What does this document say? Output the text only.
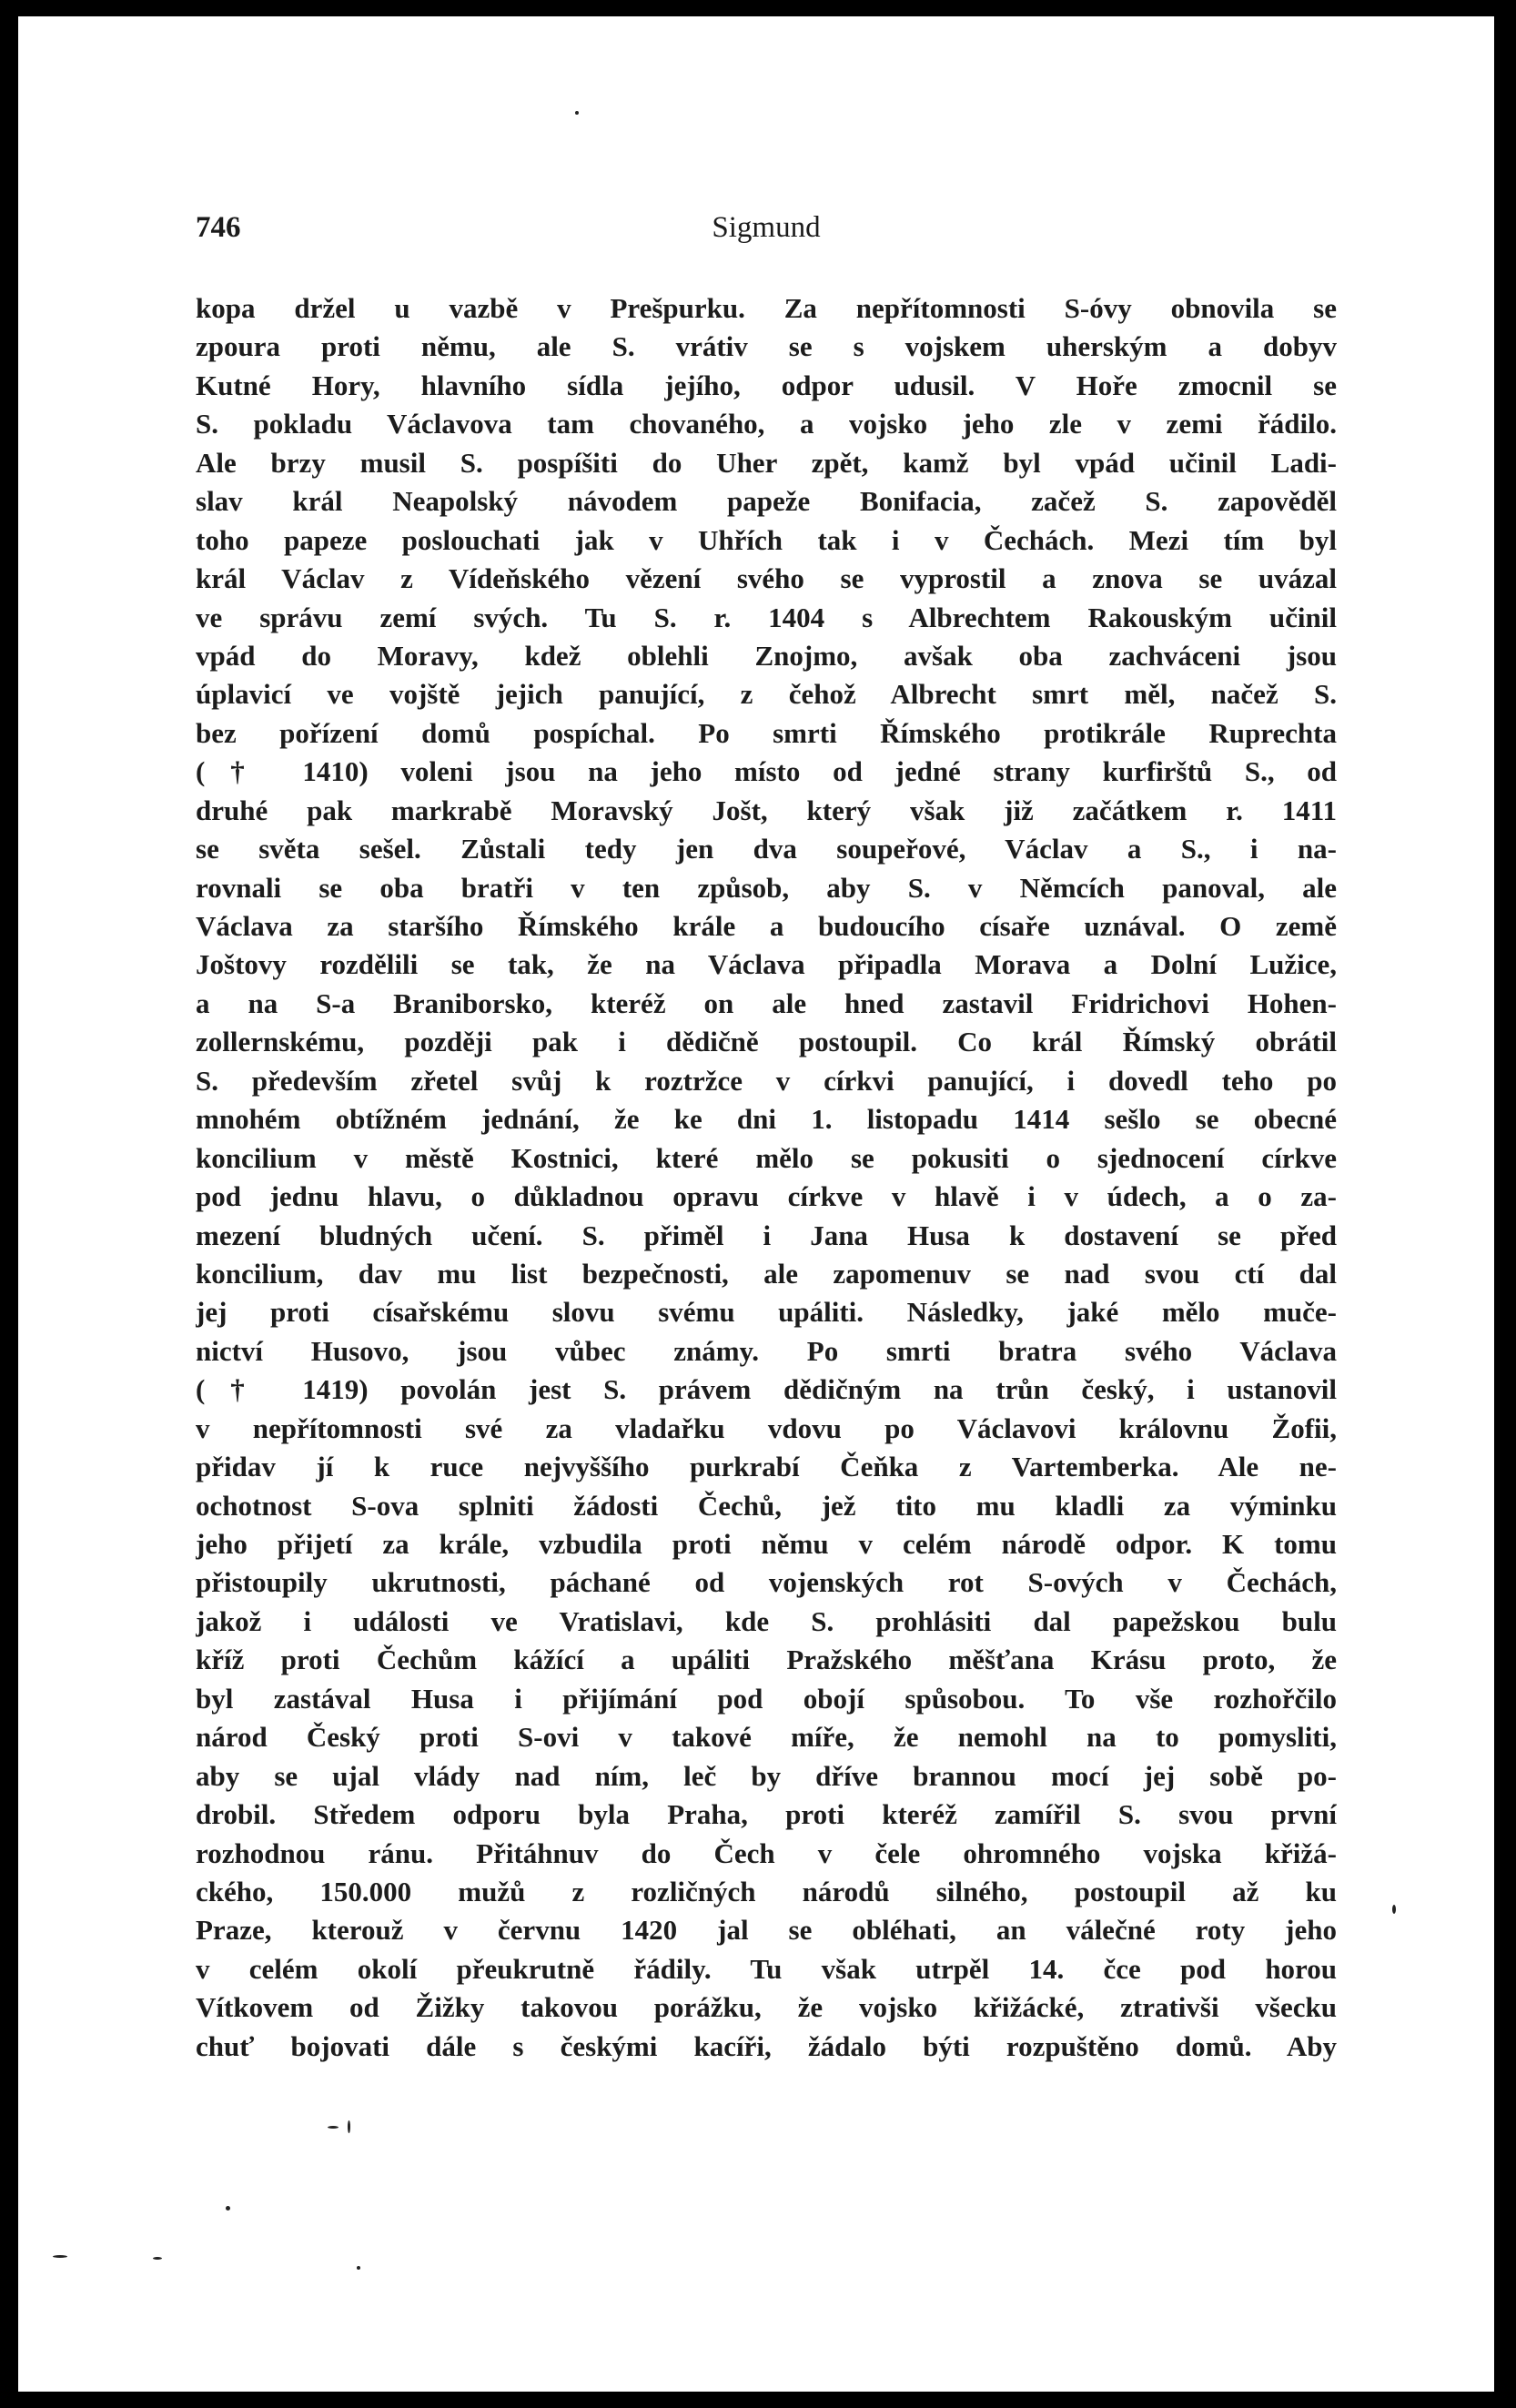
746	Sigmund
kopa držel u vazbě v Prešpurku. Za nepřítomnosti S-óvy obnovila se
zpoura proti němu, ale S. vrátiv se s vojskem uherským a dobyv
Kutné Hory, hlavního sídla jejího, odpor udusil. V Hoře zmocnil se
S. pokladu Václavova tam chovaného, a vojsko jeho zle v zemi řádilo.
Ale brzy musil S. pospíšiti do Uher zpět, kamž byl vpád učinil Ladi-
slav král Neapolský návodem papeže Bonifacia, začež S. zapověděl
toho papeze poslouchati jak v Uhřích tak i v Čechách. Mezi tím byl
král Václav z Vídeňského vězení svého se vyprostil a znova se uvázal
ve správu zemí svých. Tu S. r. 1404 s Albrechtem Rakouským učinil
vpád do Moravy, kdež oblehli Znojmo, avšak oba zachváceni jsou
úplavicí ve vojště jejich panující, z čehož Albrecht smrt měl, načež S.
bez pořízení domů pospíchal. Po smrti Římského protikrále Ruprechta
(† 1410) voleni jsou na jeho místo od jedné strany kurfirštů S., od
druhé pak markrabě Moravský Jošt, který však již začátkem r. 1411
se světa sešel. Zůstali tedy jen dva soupeřové, Václav a S., i na-
rovnali se oba bratři v ten způsob, aby S. v Němcích panoval, ale
Václava za staršího Římského krále a budoucího císaře uznával. O země
Joštovy rozdělili se tak, že na Václava připadla Morava a Dolní Lužice,
a na S-a Braniborsko, kteréž on ale hned zastavil Fridrichovi Hohen-
zollernskému, později pak i dědičně postoupil. Co král Římský obrátil
S. především zřetel svůj k roztržce v církvi panující, i dovedl teho po
mnohém obtížném jednání, že ke dni 1. listopadu 1414 sešlo se obecné
koncilium v městě Kostnici, které mělo se pokusiti o sjednocení církve
pod jednu hlavu, o důkladnou opravu církve v hlavě i v údech, a o za-
mezení bludných učení. S. přiměl i Jana Husa k dostavení se před
koncilium, dav mu list bezpečnosti, ale zapomenuv se nad svou ctí dal
jej proti císařskému slovu svému upáliti. Následky, jaké mělo muče-
nictví Husovo, jsou vůbec známy. Po smrti bratra svého Václava
(† 1419) povolán jest S. právem dědičným na trůn český, i ustanovil
v nepřítomnosti své za vladařku vdovu po Václavovi královnu Žofii,
přidav jí k ruce nejvyššího purkrabí Čeňka z Vartemberka. Ale ne-
ochotnost S-ova splniti žádosti Čechů, jež tito mu kladli za výminku
jeho přijetí za krále, vzbudila proti němu v celém národě odpor. K tomu
přistoupily ukrutnosti, páchané od vojenských rot S-ových v Čechách,
jakož i události ve Vratislavi, kde S. prohlásiti dal papežskou bulu
kříž proti Čechům kážící a upáliti Pražského měšťana Krásu proto, že
byl zastával Husa i přijímání pod obojí spůsobou. To vše rozhořčilo
národ Český proti S-ovi v takové míře, že nemohl na to pomysliti,
aby se ujal vlády nad ním, leč by dříve brannou mocí jej sobě po-
drobil. Středem odporu byla Praha, proti kteréž zamířil S. svou první
rozhodnou ránu. Přitáhnuv do Čech v čele ohromného vojska křižá-
ckého, 150.000 mužů z rozličných národů silného, postoupil až ku
Praze, kterouž v červnu 1420 jal se obléhati, an válečné roty jeho
v celém okolí přeukrutně řádily. Tu však utrpěl 14. čce pod horou
Vítkovem od Žižky takovou porážku, že vojsko křižácké, ztrativši všecku
chuť bojovati dále s českými kacíři, žádalo býti rozpuštěno domů. Aby
